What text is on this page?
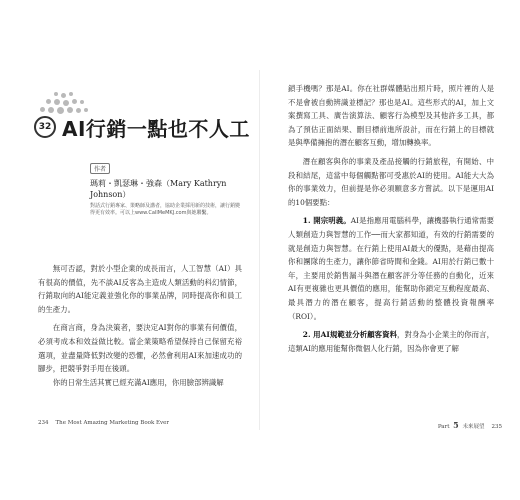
32 AI行銷一點也不人工
作者
瑪莉・凱瑟琳・強森（Mary Kathryn Johnson）
對話式行銷專家、策略師及講者，協助企業採用新的技術，讓行銷變得更有效率。可以上www.CallMeMKJ.com與她聯繫。

無可否認，對於小型企業的成長而言，人工智慧（AI）具有很高的價值，先不談AI反客為主造成人類活動的科幻情節，行銷取向的AI能定義並強化你的事業品牌，同時提高你和員工的生產力。

在商言商，身為決策者，要決定AI對你的事業有何價值，必須考成本和效益做比較。當企業策略希望保持自己保留充裕選項，並盡量降低對改變的恐懼，必然會利用AI來加速成功的腳步，把競爭對手甩在後頭。

你的日常生活其實已經充滿AI應用，你用臉部辨識解

234 The Most Amazing Marketing Book Ever

鎖手機嗎？那是AI。你在社群媒體貼出照片時，照片裡的人是不是會被自動辨識並標記？那也是AI。這些形式的AI，加上文案撰寫工具、廣告演算法、顧客行為模型及其他許多工具，都為了預估正面結果、刪目標前進所設計，而在行銷上的目標就是與準備擁抱的潛在顧客互動，增加轉換率。

潛在顧客與你的事業及產品接觸的行銷旅程，有開始、中段和結尾，這當中每個觸點都可受惠於AI的使用。AI能大大為你的事業效力，但前提是你必須願意多方嘗試。以下是運用AI的10個要點：

1. 開宗明義。AI是指應用電腦科學，讓機器執行通常需要人類創造力與智慧的工作──而大家都知道，有效的行銷需要的就是創造力與智慧。在行銷上使用AI最大的優點，是藉由提高你和團隊的生產力，讓你節省時間和金錢。AI用於行銷已數十年，主要用於銷售漏斗與潛在顧客評分等任務的自動化，近來AI有更複雜也更具價值的應用，能幫助你鎖定互動程度最高、最具潛力的潛在顧客，提高行銷活動的整體投資報酬率（ROI）。

2. 用AI規範並分析顧客資料，對身為小企業主的你而言，這類AI的應用能幫你微個人化行銷，因為你會更了解

Part 5 未來展望 235
